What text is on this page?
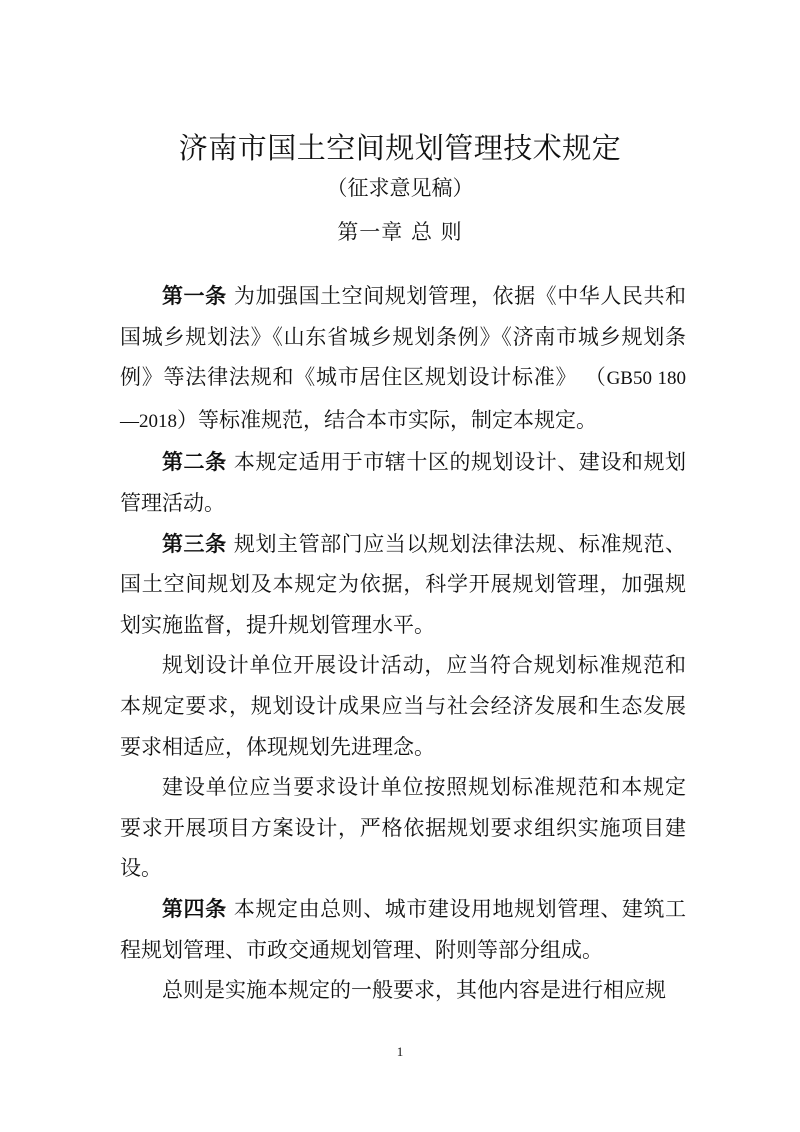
济南市国土空间规划管理技术规定
（征求意见稿）
第一章 总 则

第一条 为加强国土空间规划管理，依据《中华人民共和国城乡规划法》《山东省城乡规划条例》《济南市城乡规划条例》等法律法规和《城市居住区规划设计标准》 （GB50 180—2018）等标准规范，结合本市实际，制定本规定。

第二条 本规定适用于市辖十区的规划设计、建设和规划管理活动。

第三条 规划主管部门应当以规划法律法规、标准规范、国土空间规划及本规定为依据，科学开展规划管理，加强规划实施监督，提升规划管理水平。

规划设计单位开展设计活动，应当符合规划标准规范和本规定要求，规划设计成果应当与社会经济发展和生态发展要求相适应，体现规划先进理念。

建设单位应当要求设计单位按照规划标准规范和本规定要求开展项目方案设计，严格依据规划要求组织实施项目建设。

第四条 本规定由总则、城市建设用地规划管理、建筑工程规划管理、市政交通规划管理、附则等部分组成。

总则是实施本规定的一般要求，其他内容是进行相应规

1
